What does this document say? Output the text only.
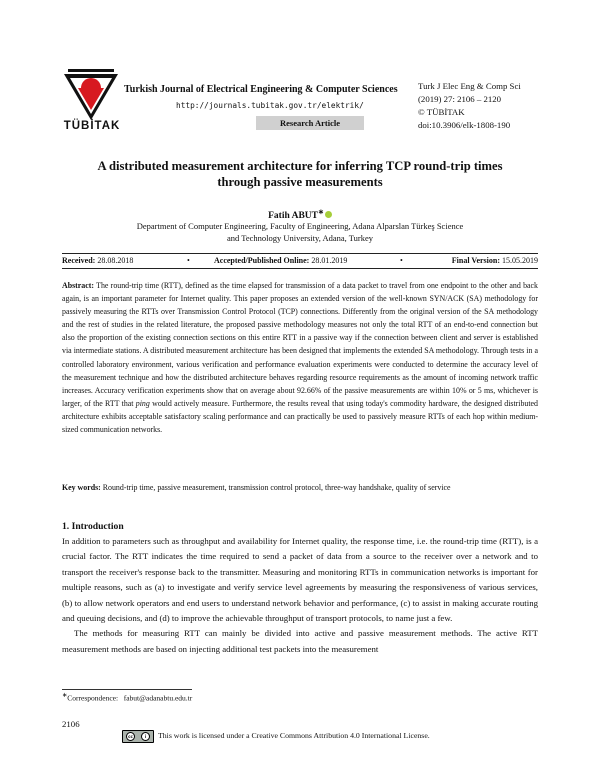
TÜBİTAK
Turkish Journal of Electrical Engineering & Computer Sciences
http://journals.tubitak.gov.tr/elektrik/
Research Article
Turk J Elec Eng & Comp Sci
(2019) 27: 2106 – 2120
© TÜBİTAK
doi:10.3906/elk-1808-190
A distributed measurement architecture for inferring TCP round-trip times
through passive measurements
Fatih ABUT∗
Department of Computer Engineering, Faculty of Engineering, Adana Alparslan Türkeş Science
and Technology University, Adana, Turkey
Received: 28.08.2018	•	Accepted/Published Online: 28.01.2019	•	Final Version: 15.05.2019
Abstract: The round-trip time (RTT), defined as the time elapsed for transmission of a data packet to travel from one endpoint to the other and back again, is an important parameter for Internet quality. This paper proposes an extended version of the well-known SYN/ACK (SA) methodology for passively measuring the RTTs over Transmission Control Protocol (TCP) connections. Differently from the original version of the SA methodology and the rest of studies in the related literature, the proposed passive methodology measures not only the total RTT of an end-to-end connection but also the proportion of the existing connection sections on this entire RTT in a passive way if the connection between client and server is established via intermediate stations. A distributed measurement architecture has been designed that implements the extended SA methodology. Through tests in a controlled laboratory environment, various verification and performance evaluation experiments were conducted to determine the accuracy level of the measurement technique and how the distributed architecture behaves regarding resource requirements as the amount of incoming network traffic increases. Accuracy verification experiments show that on average about 92.66% of the passive measurements are within 10% or 5 ms, whichever is larger, of the RTT that ping would actively measure. Furthermore, the results reveal that using today's commodity hardware, the designed distributed architecture exhibits acceptable satisfactory scaling performance and can practically be used to passively measure RTTs of each hop within medium-sized communication networks.
Key words: Round-trip time, passive measurement, transmission control protocol, three-way handshake, quality of service
1. Introduction

In addition to parameters such as throughput and availability for Internet quality, the response time, i.e. the round-trip time (RTT), is a crucial factor. The RTT indicates the time required to send a packet of data from a source to the receiver over a network and to transport the receiver's response back to the transmitter. Measuring and monitoring RTTs in communication networks is important for multiple reasons, such as (a) to investigate and verify service level agreements by measuring the responsiveness of various services, (b) to allow network operators and end users to understand network behavior and performance, (c) to assist in making accurate routing and queuing decisions, and (d) to improve the achievable throughput of transport protocols, to name just a few.

The methods for measuring RTT can mainly be divided into active and passive measurement methods. The active RTT measurement methods are based on injecting additional test packets into the measurement

∗Correspondence: fabut@adanabtu.edu.tr
2106
cc	i	This work is licensed under a Creative Commons Attribution 4.0 International License.
